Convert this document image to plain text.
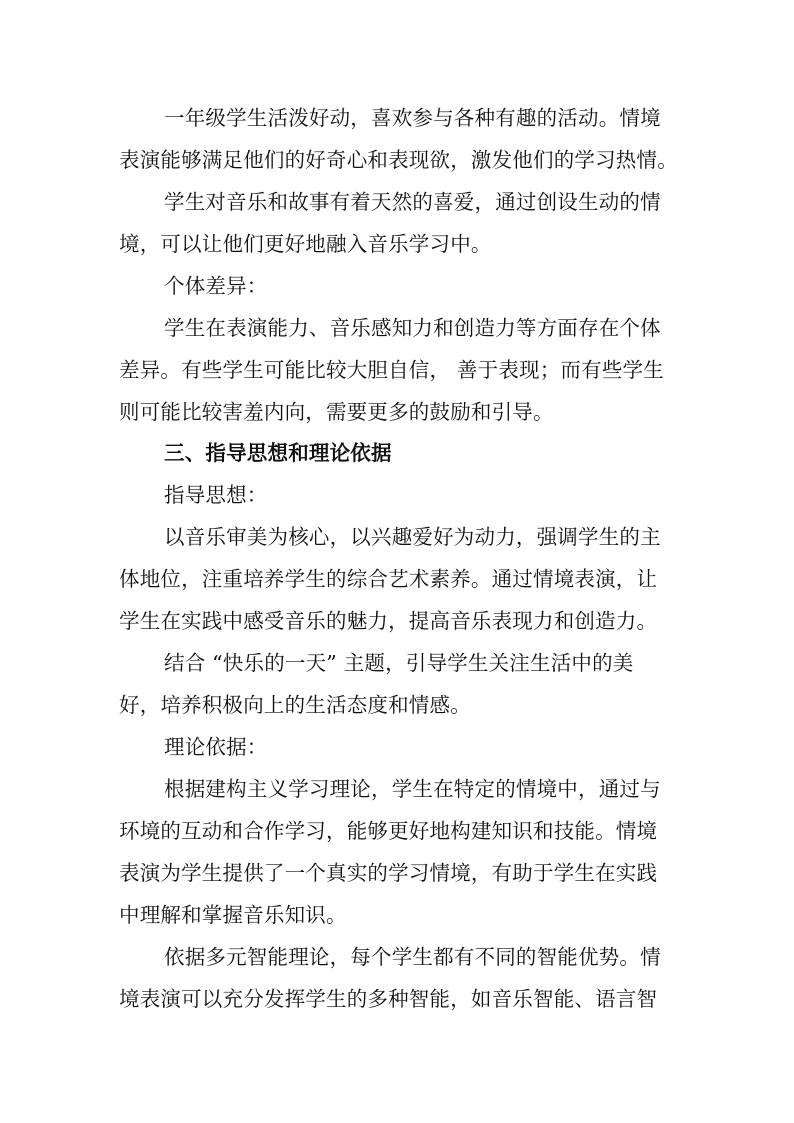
一年级学生活泼好动，喜欢参与各种有趣的活动。情境
表演能够满足他们的好奇心和表现欲，激发他们的学习热情。
学生对音乐和故事有着天然的喜爱，通过创设生动的情
境，可以让他们更好地融入音乐学习中。
个体差异：
学生在表演能力、音乐感知力和创造力等方面存在个体
差异。有些学生可能比较大胆自信， 善于表现；而有些学生
则可能比较害羞内向，需要更多的鼓励和引导。
三、指导思想和理论依据
指导思想：
以音乐审美为核心，以兴趣爱好为动力，强调学生的主
体地位，注重培养学生的综合艺术素养。通过情境表演，让
学生在实践中感受音乐的魅力，提高音乐表现力和创造力。
结合 “快乐的一天” 主题，引导学生关注生活中的美
好，培养积极向上的生活态度和情感。
理论依据：
根据建构主义学习理论，学生在特定的情境中，通过与
环境的互动和合作学习，能够更好地构建知识和技能。情境
表演为学生提供了一个真实的学习情境，有助于学生在实践
中理解和掌握音乐知识。
依据多元智能理论，每个学生都有不同的智能优势。情
境表演可以充分发挥学生的多种智能，如音乐智能、语言智
